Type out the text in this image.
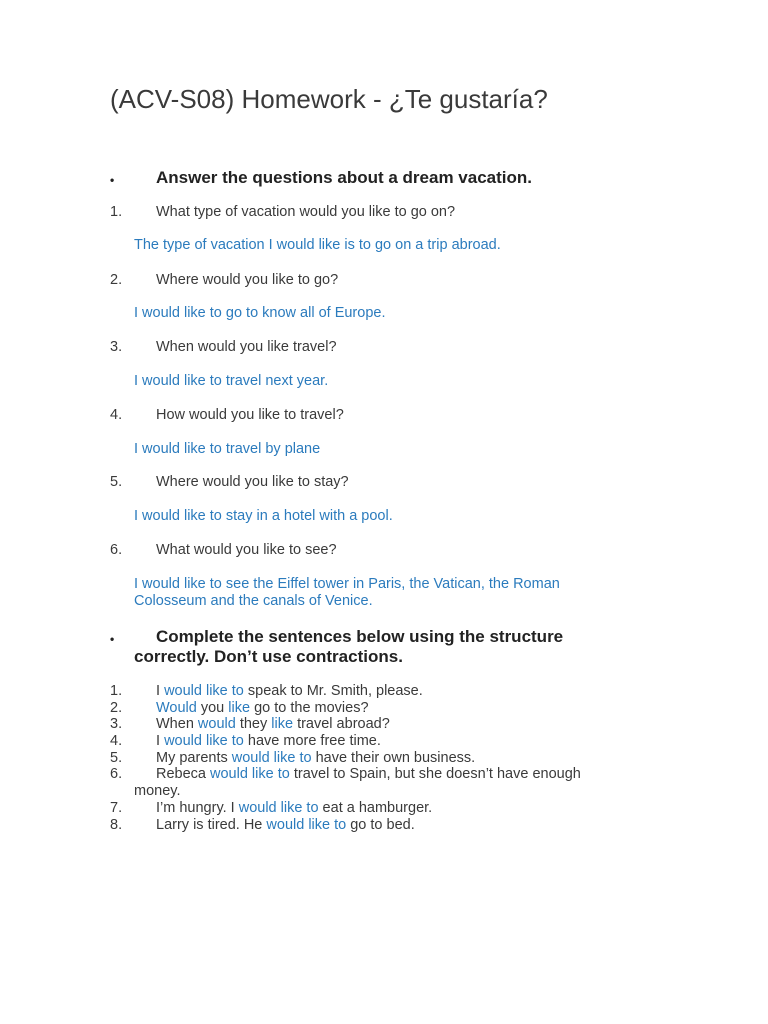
(ACV-S08) Homework - ¿Te gustaría?
• Answer the questions about a dream vacation.
1. What type of vacation would you like to go on?
The type of vacation I would like is to go on a trip abroad.
2. Where would you like to go?
I would like to go to know all of Europe.
3. When would you like travel?
I would like to travel next year.
4. How would you like to travel?
I would like to travel by plane
5. Where would you like to stay?
I would like to stay in a hotel with a pool.
6. What would you like to see?
I would like to see the Eiffel tower in Paris, the Vatican, the Roman Colosseum and the canals of Venice.
• Complete the sentences below using the structure
correctly. Don’t use contractions.
1. I would like to speak to Mr. Smith, please.
2. Would you like go to the movies?
3. When would they like travel abroad?
4. I would like to have more free time.
5. My parents would like to have their own business.
6. Rebeca would like to travel to Spain, but she doesn’t have enough
money.
7. I’m hungry. I would like to eat a hamburger.
8. Larry is tired. He would like to go to bed.
